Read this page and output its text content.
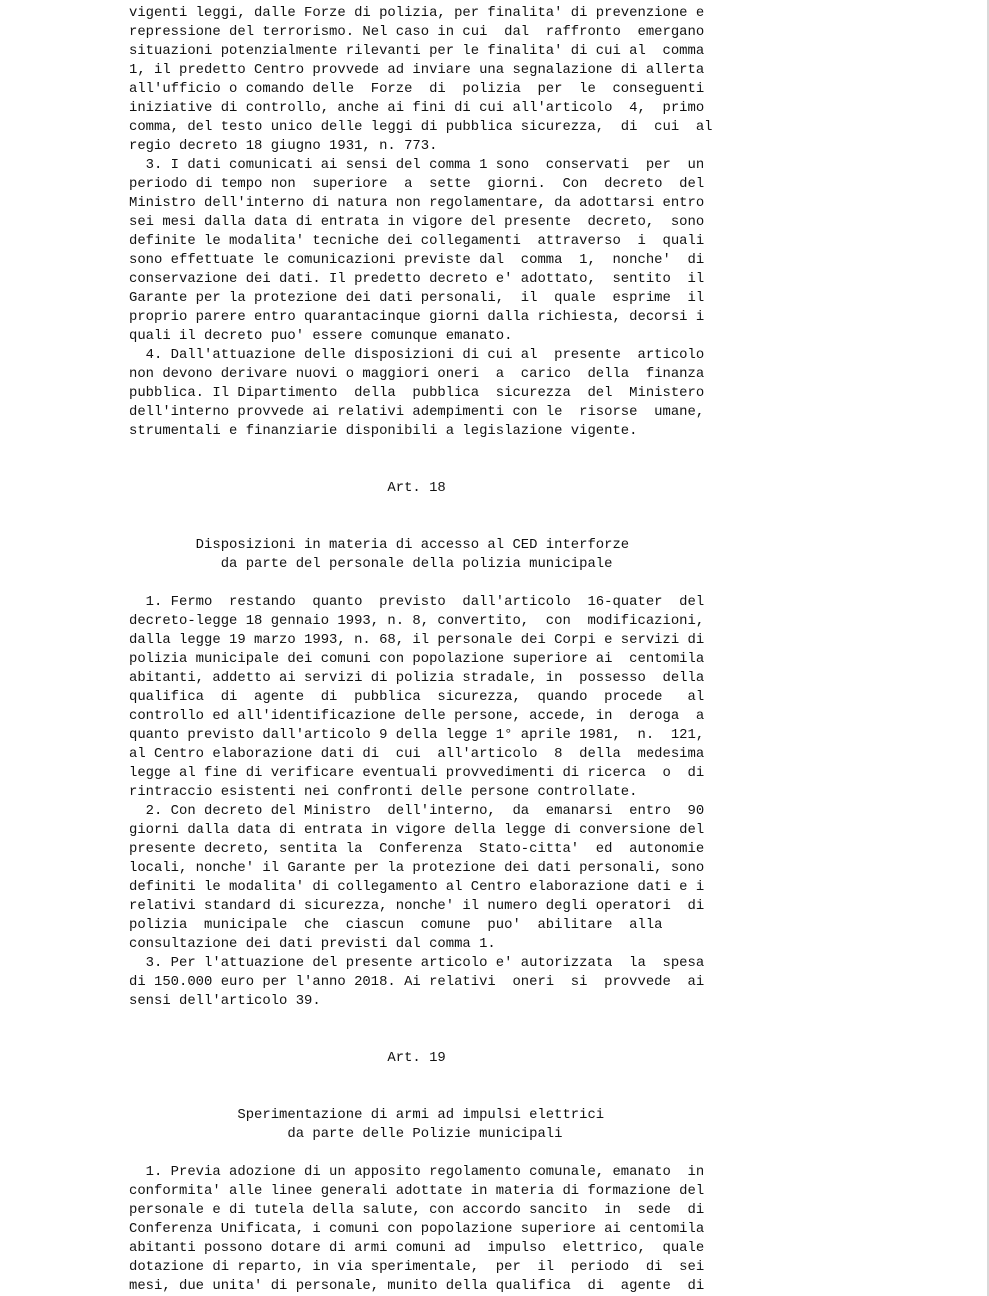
vigenti leggi, dalle Forze di polizia, per finalita' di prevenzione e
repressione del terrorismo. Nel caso in cui  dal  raffronto  emergano
situazioni potenzialmente rilevanti per le finalita' di cui al  comma
1, il predetto Centro provvede ad inviare una segnalazione di allerta
all'ufficio o comando delle  Forze  di  polizia  per  le  conseguenti
iniziative di controllo, anche ai fini di cui all'articolo  4,  primo
comma, del testo unico delle leggi di pubblica sicurezza,  di  cui  al
regio decreto 18 giugno 1931, n. 773.
3. I dati comunicati ai sensi del comma 1 sono  conservati  per  un
periodo di tempo non  superiore  a  sette  giorni.  Con  decreto  del
Ministro dell'interno di natura non regolamentare, da adottarsi entro
sei mesi dalla data di entrata in vigore del presente  decreto,  sono
definite le modalita' tecniche dei collegamenti  attraverso  i  quali
sono effettuate le comunicazioni previste dal  comma  1,  nonche'  di
conservazione dei dati. Il predetto decreto e' adottato,  sentito  il
Garante per la protezione dei dati personali,  il  quale  esprime  il
proprio parere entro quarantacinque giorni dalla richiesta, decorsi i
quali il decreto puo' essere comunque emanato.
4. Dall'attuazione delle disposizioni di cui al  presente  articolo
non devono derivare nuovi o maggiori oneri  a  carico  della  finanza
pubblica. Il Dipartimento  della  pubblica  sicurezza  del  Ministero
dell'interno provvede ai relativi adempimenti con le  risorse  umane,
strumentali e finanziarie disponibili a legislazione vigente.
Art. 18
Disposizioni in materia di accesso al CED interforze
da parte del personale della polizia municipale
1. Fermo  restando  quanto  previsto  dall'articolo  16-quater  del
decreto-legge 18 gennaio 1993, n. 8, convertito,  con  modificazioni,
dalla legge 19 marzo 1993, n. 68, il personale dei Corpi e servizi di
polizia municipale dei comuni con popolazione superiore ai  centomila
abitanti, addetto ai servizi di polizia stradale, in  possesso  della
qualifica  di  agente  di  pubblica  sicurezza,  quando  procede   al
controllo ed all'identificazione delle persone, accede, in  deroga  a
quanto previsto dall'articolo 9 della legge 1° aprile 1981,  n.  121,
al Centro elaborazione dati di  cui  all'articolo  8  della  medesima
legge al fine di verificare eventuali provvedimenti di ricerca  o  di
rintraccio esistenti nei confronti delle persone controllate.
2. Con decreto del Ministro  dell'interno,  da  emanarsi  entro  90
giorni dalla data di entrata in vigore della legge di conversione del
presente decreto, sentita la  Conferenza  Stato-citta'  ed  autonomie
locali, nonche' il Garante per la protezione dei dati personali, sono
definiti le modalita' di collegamento al Centro elaborazione dati e i
relativi standard di sicurezza, nonche' il numero degli operatori  di
polizia  municipale  che  ciascun  comune  puo'  abilitare  alla
consultazione dei dati previsti dal comma 1.
3. Per l'attuazione del presente articolo e' autorizzata  la  spesa
di 150.000 euro per l'anno 2018. Ai relativi  oneri  si  provvede  ai
sensi dell'articolo 39.
Art. 19
Sperimentazione di armi ad impulsi elettrici
da parte delle Polizie municipali
1. Previa adozione di un apposito regolamento comunale, emanato  in
conformita' alle linee generali adottate in materia di formazione del
personale e di tutela della salute, con accordo sancito  in  sede  di
Conferenza Unificata, i comuni con popolazione superiore ai centomila
abitanti possono dotare di armi comuni ad  impulso  elettrico,  quale
dotazione di reparto, in via sperimentale,  per  il  periodo  di  sei
mesi, due unita' di personale, munito della qualifica  di  agente  di
